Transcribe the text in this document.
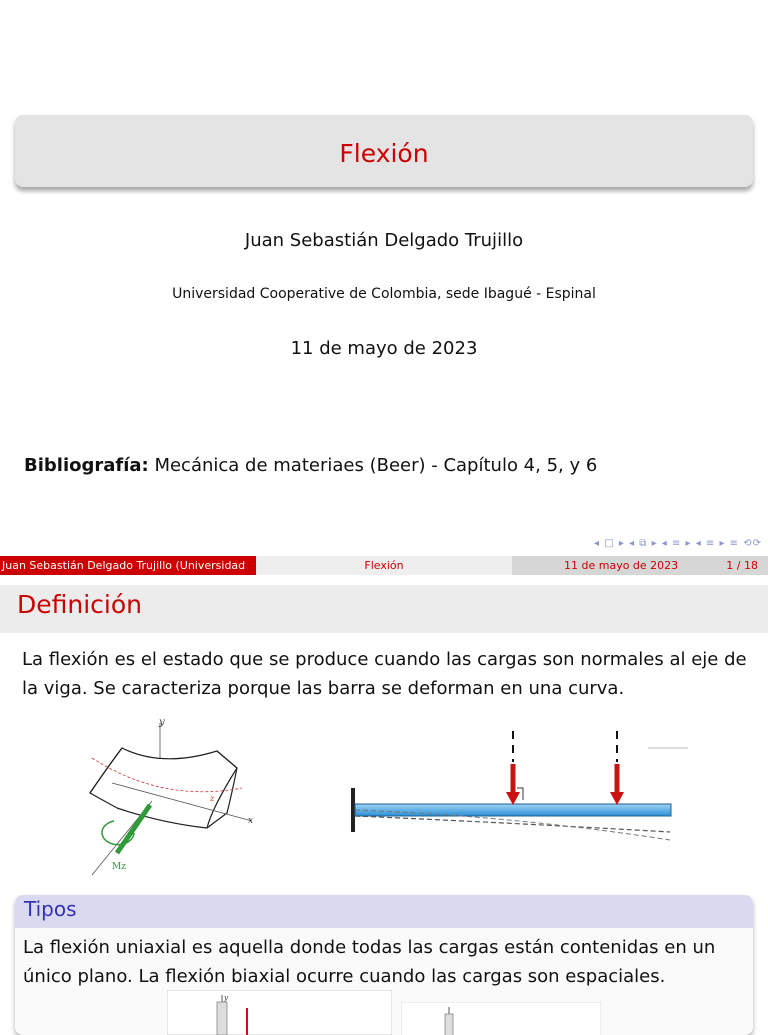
Flexión
Juan Sebastián Delgado Trujillo
Universidad Cooperative de Colombia, sede Ibagué - Espinal
11 de mayo de 2023
Bibliografía: Mecánica de materiaes (Beer) - Capítulo 4, 5, y 6
◂ □ ▸ ◂ ⧉ ▸ ◂ ≡ ▸ ◂ ≡ ▸ ≡ ⟲⟳
Juan Sebastián Delgado Trujillo (Universidad	Flexión	11 de mayo de 2023	1 / 18
Definición
La flexión es el estado que se produce cuando las cargas son normales al eje de la viga. Se caracteriza porque las barra se deforman en una curva.
y
x
z
Mz
Tipos
La flexión uniaxial es aquella donde todas las cargas están contenidas en un único plano. La flexión biaxial ocurre cuando las cargas son espaciales.
y
